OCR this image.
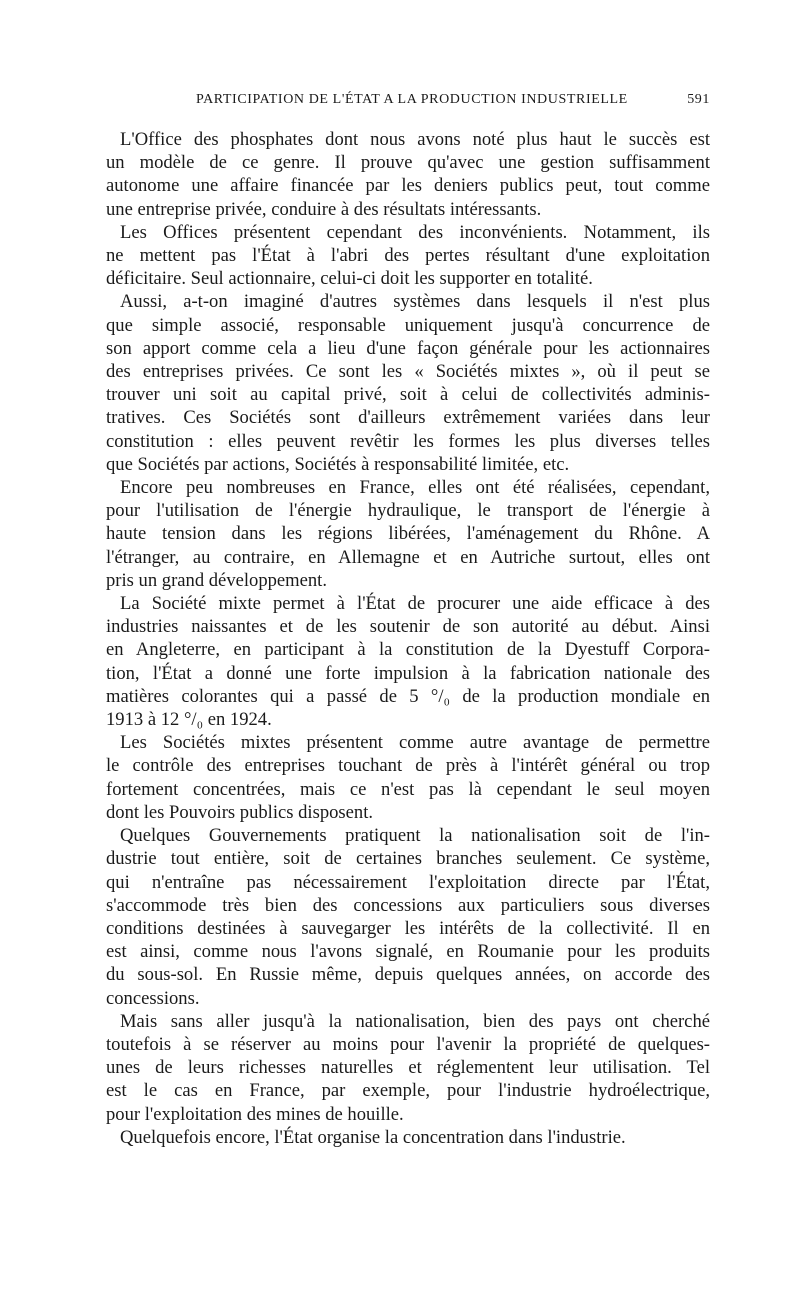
PARTICIPATION DE L'ÉTAT A LA PRODUCTION INDUSTRIELLE	591

L'Office des phosphates dont nous avons noté plus haut le succès est
un modèle de ce genre. Il prouve qu'avec une gestion suffisamment
autonome une affaire financée par les deniers publics peut, tout comme
une entreprise privée, conduire à des résultats intéressants.

Les Offices présentent cependant des inconvénients. Notamment, ils
ne mettent pas l'État à l'abri des pertes résultant d'une exploitation
déficitaire. Seul actionnaire, celui-ci doit les supporter en totalité.

Aussi, a-t-on imaginé d'autres systèmes dans lesquels il n'est plus
que simple associé, responsable uniquement jusqu'à concurrence de
son apport comme cela a lieu d'une façon générale pour les actionnaires
des entreprises privées. Ce sont les « Sociétés mixtes », où il peut se
trouver uni soit au capital privé, soit à celui de collectivités adminis-
tratives. Ces Sociétés sont d'ailleurs extrêmement variées dans leur
constitution : elles peuvent revêtir les formes les plus diverses telles
que Sociétés par actions, Sociétés à responsabilité limitée, etc.

Encore peu nombreuses en France, elles ont été réalisées, cependant,
pour l'utilisation de l'énergie hydraulique, le transport de l'énergie à
haute tension dans les régions libérées, l'aménagement du Rhône. A
l'étranger, au contraire, en Allemagne et en Autriche surtout, elles ont
pris un grand développement.

La Société mixte permet à l'État de procurer une aide efficace à des
industries naissantes et de les soutenir de son autorité au début. Ainsi
en Angleterre, en participant à la constitution de la Dyestuff Corpora-
tion, l'État a donné une forte impulsion à la fabrication nationale des
matières colorantes qui a passé de 5 °/₀ de la production mondiale en
1913 à 12 °/₀ en 1924.

Les Sociétés mixtes présentent comme autre avantage de permettre
le contrôle des entreprises touchant de près à l'intérêt général ou trop
fortement concentrées, mais ce n'est pas là cependant le seul moyen
dont les Pouvoirs publics disposent.

Quelques Gouvernements pratiquent la nationalisation soit de l'in-
dustrie tout entière, soit de certaines branches seulement. Ce système,
qui n'entraîne pas nécessairement l'exploitation directe par l'État,
s'accommode très bien des concessions aux particuliers sous diverses
conditions destinées à sauvegarger les intérêts de la collectivité. Il en
est ainsi, comme nous l'avons signalé, en Roumanie pour les produits
du sous-sol. En Russie même, depuis quelques années, on accorde des
concessions.

Mais sans aller jusqu'à la nationalisation, bien des pays ont cherché
toutefois à se réserver au moins pour l'avenir la propriété de quelques-
unes de leurs richesses naturelles et réglementent leur utilisation. Tel
est le cas en France, par exemple, pour l'industrie hydroélectrique,
pour l'exploitation des mines de houille.

Quelquefois encore, l'État organise la concentration dans l'industrie.
